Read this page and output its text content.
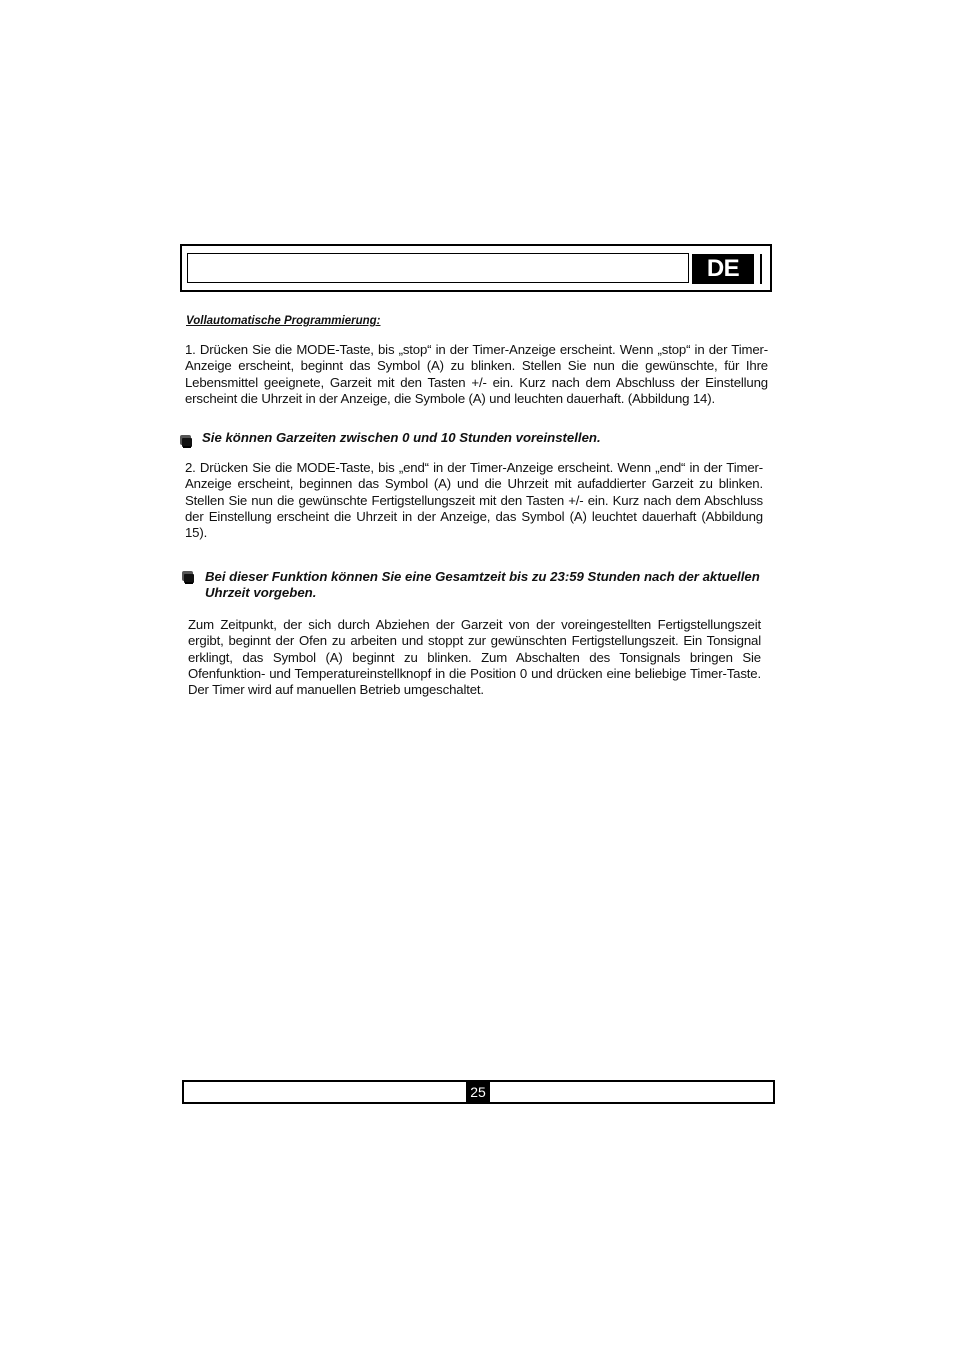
DE
Vollautomatische Programmierung:
1. Drücken Sie die MODE-Taste, bis „stop“ in der Timer-Anzeige erscheint. Wenn „stop“ in der Timer-Anzeige erscheint, beginnt das Symbol (A) zu blinken. Stellen Sie nun die gewünschte, für Ihre Lebensmittel geeignete, Garzeit mit den Tasten +/- ein. Kurz nach dem Abschluss der Einstellung erscheint die Uhrzeit in der Anzeige, die Symbole (A) und leuchten dauerhaft. (Abbildung 14).
Sie können Garzeiten zwischen 0 und 10 Stunden voreinstellen.
2. Drücken Sie die MODE-Taste, bis „end“ in der Timer-Anzeige erscheint. Wenn „end“ in der Timer-Anzeige erscheint, beginnen das Symbol (A) und die Uhrzeit mit aufaddierter Garzeit zu blinken. Stellen Sie nun die gewünschte Fertigstellungszeit mit den Tasten +/- ein. Kurz nach dem Abschluss der Einstellung erscheint die Uhrzeit in der Anzeige, das Symbol (A) leuchtet dauerhaft (Abbildung 15).
Bei dieser Funktion können Sie eine Gesamtzeit bis zu 23:59 Stunden nach der aktuellen Uhrzeit vorgeben.
Zum Zeitpunkt, der sich durch Abziehen der Garzeit von der voreingestellten Fertigstellungszeit ergibt, beginnt der Ofen zu arbeiten und stoppt zur gewünschten Fertigstellungszeit. Ein Tonsignal erklingt, das Symbol (A) beginnt zu blinken. Zum Abschalten des Tonsignals bringen Sie Ofenfunktion- und Temperatureinstellknopf in die Position 0 und drücken eine beliebige Timer-Taste. Der Timer wird auf manuellen Betrieb umgeschaltet.
25
